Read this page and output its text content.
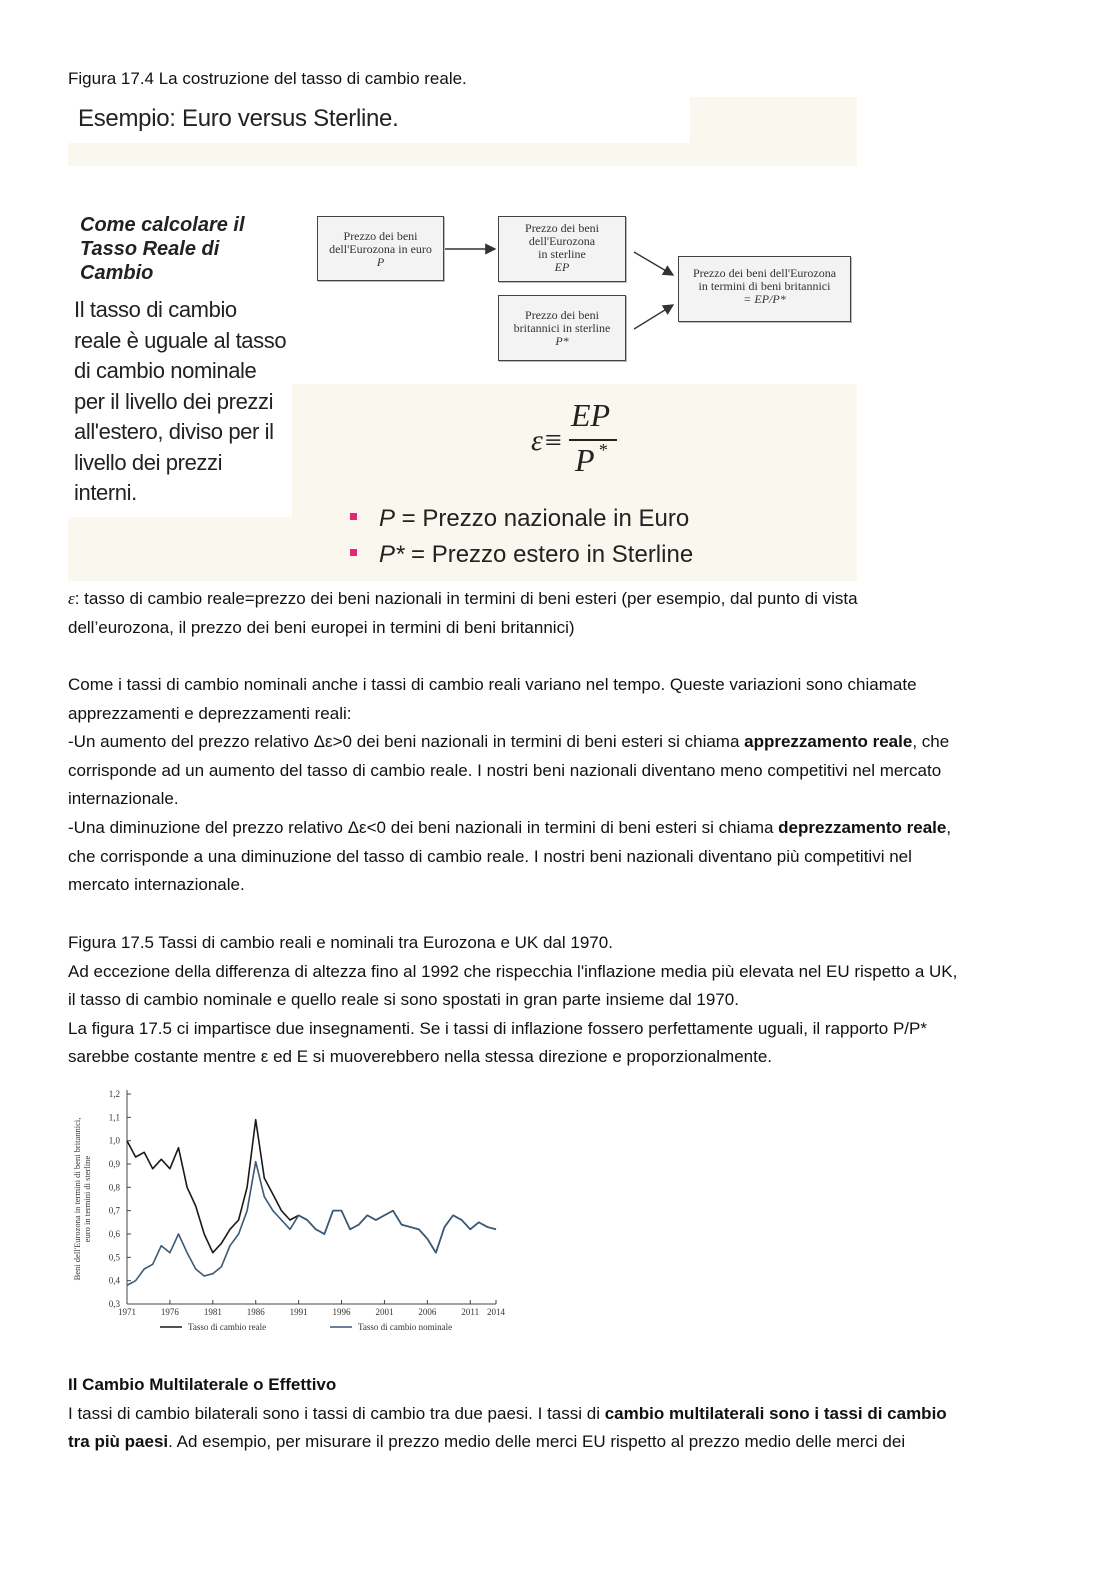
Figura 17.4 La costruzione del tasso di cambio reale.
Esempio: Euro versus Sterline.
Come calcolare il
Tasso Reale di
Cambio
Il tasso di cambio
reale è uguale al tasso
di cambio nominale
per il livello dei prezzi
all'estero, diviso per il
livello dei prezzi
interni.
Prezzo dei beni
dell'Eurozona in euro
P
Prezzo dei beni
dell'Eurozona
in sterline
EP
Prezzo dei beni
britannici in sterline
P*
Prezzo dei beni dell'Eurozona
in termini di beni britannici
= EP/P*
ε≡
EP
P *
P = Prezzo nazionale in Euro
P* = Prezzo estero in Sterline
ε: tasso di cambio reale=prezzo dei beni nazionali in termini di beni esteri (per esempio, dal punto di vista
dell’eurozona, il prezzo dei beni europei in termini di beni britannici)
Come i tassi di cambio nominali anche i tassi di cambio reali variano nel tempo. Queste variazioni sono chiamate
apprezzamenti e deprezzamenti reali:
-Un aumento del prezzo relativo Δε>0 dei beni nazionali in termini di beni esteri si chiama apprezzamento reale, che
corrisponde ad un aumento del tasso di cambio reale. I nostri beni nazionali diventano meno competitivi nel mercato
internazionale.
-Una diminuzione del prezzo relativo Δε<0 dei beni nazionali in termini di beni esteri si chiama deprezzamento reale,
che corrisponde a una diminuzione del tasso di cambio reale. I nostri beni nazionali diventano più competitivi nel
mercato internazionale.
Figura 17.5 Tassi di cambio reali e nominali tra Eurozona e UK dal 1970.
Ad eccezione della differenza di altezza fino al 1992 che rispecchia l'inflazione media più elevata nel EU rispetto a UK,
il tasso di cambio nominale e quello reale si sono spostati in gran parte insieme dal 1970.
La figura 17.5 ci impartisce due insegnamenti. Se i tassi di inflazione fossero perfettamente uguali, il rapporto P/P*
sarebbe costante mentre ε ed E si muoverebbero nella stessa direzione e proporzionalmente.
0,3
0,4
0,5
0,6
0,7
0,8
0,9
1,0
1,1
1,2
1971	1976	1981	1986	1991	1996	2001	2006	2011 2014
Beni dell'Eurozona in termini di beni britannici, euro in termini di sterline
Tasso di cambio reale	Tasso di cambio nominale
Il Cambio Multilaterale o Effettivo
I tassi di cambio bilaterali sono i tassi di cambio tra due paesi. I tassi di cambio multilaterali sono i tassi di cambio
tra più paesi. Ad esempio, per misurare il prezzo medio delle merci EU rispetto al prezzo medio delle merci dei
